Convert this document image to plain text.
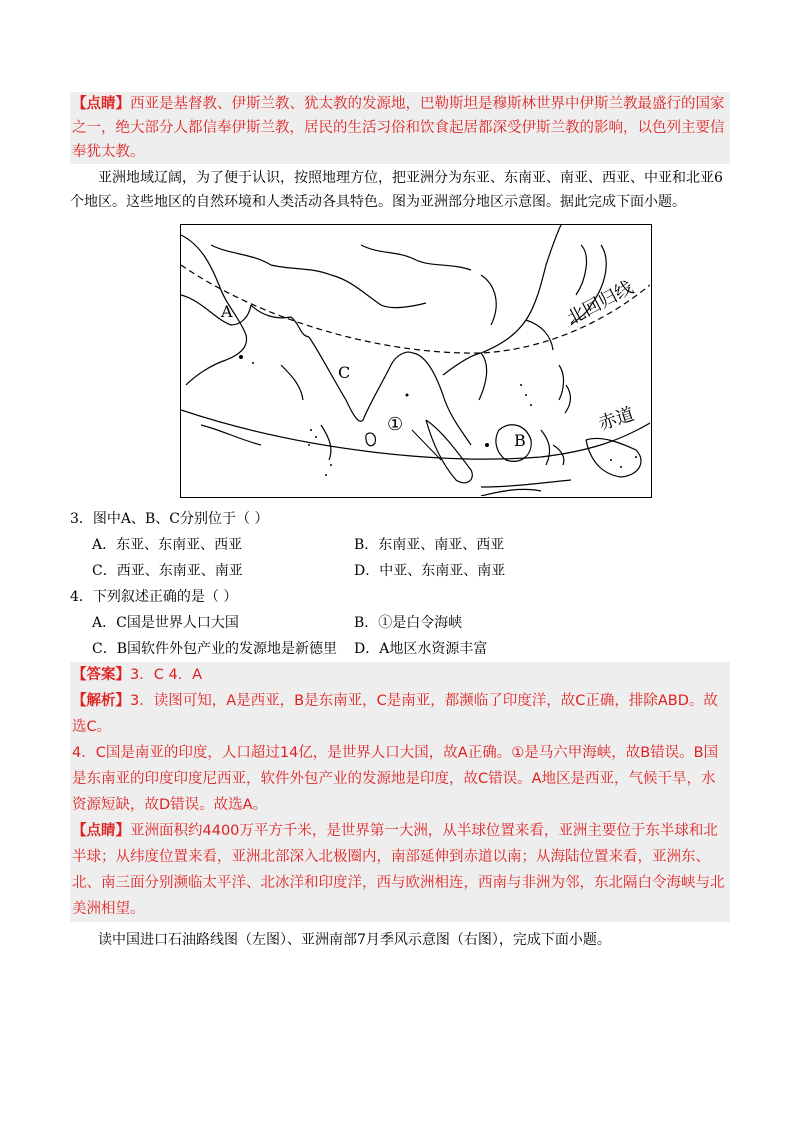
【点睛】西亚是基督教、伊斯兰教、犹太教的发源地，巴勒斯坦是穆斯林世界中伊斯兰教最盛行的国家之一，绝大部分人都信奉伊斯兰教，居民的生活习俗和饮食起居都深受伊斯兰教的影响，以色列主要信奉犹太教。

亚洲地域辽阔，为了便于认识，按照地理方位，把亚洲分为东亚、东南亚、南亚、西亚、中亚和北亚6个地区。这些地区的自然环境和人类活动各具特色。图为亚洲部分地区示意图。据此完成下面小题。

A
B
C
①
北回归线
赤道

3．图中A、B、C分别位于（ ）

A．东亚、东南亚、西亚	B．东南亚、南亚、西亚
C．西亚、东南亚、南亚	D．中亚、东南亚、南亚

4．下列叙述正确的是（ ）

A．C国是世界人口大国	B．①是白令海峡
C．B国软件外包产业的发源地是新德里	D．A地区水资源丰富
【答案】3．C 4．A
【解析】3．读图可知，A是西亚，B是东南亚，C是南亚，都濒临了印度洋，故C正确，排除ABD。故选C。
4．C国是南亚的印度，人口超过14亿，是世界人口大国，故A正确。①是马六甲海峡，故B错误。B国是东南亚的印度印度尼西亚，软件外包产业的发源地是印度，故C错误。A地区是西亚，气候干旱，水资源短缺，故D错误。故选A。
【点睛】亚洲面积约4400万平方千米，是世界第一大洲，从半球位置来看，亚洲主要位于东半球和北半球；从纬度位置来看，亚洲北部深入北极圈内，南部延伸到赤道以南；从海陆位置来看，亚洲东、北、南三面分别濒临太平洋、北冰洋和印度洋，西与欧洲相连，西南与非洲为邻，东北隔白令海峡与北美洲相望。

读中国进口石油路线图（左图）、亚洲南部7月季风示意图（右图），完成下面小题。
